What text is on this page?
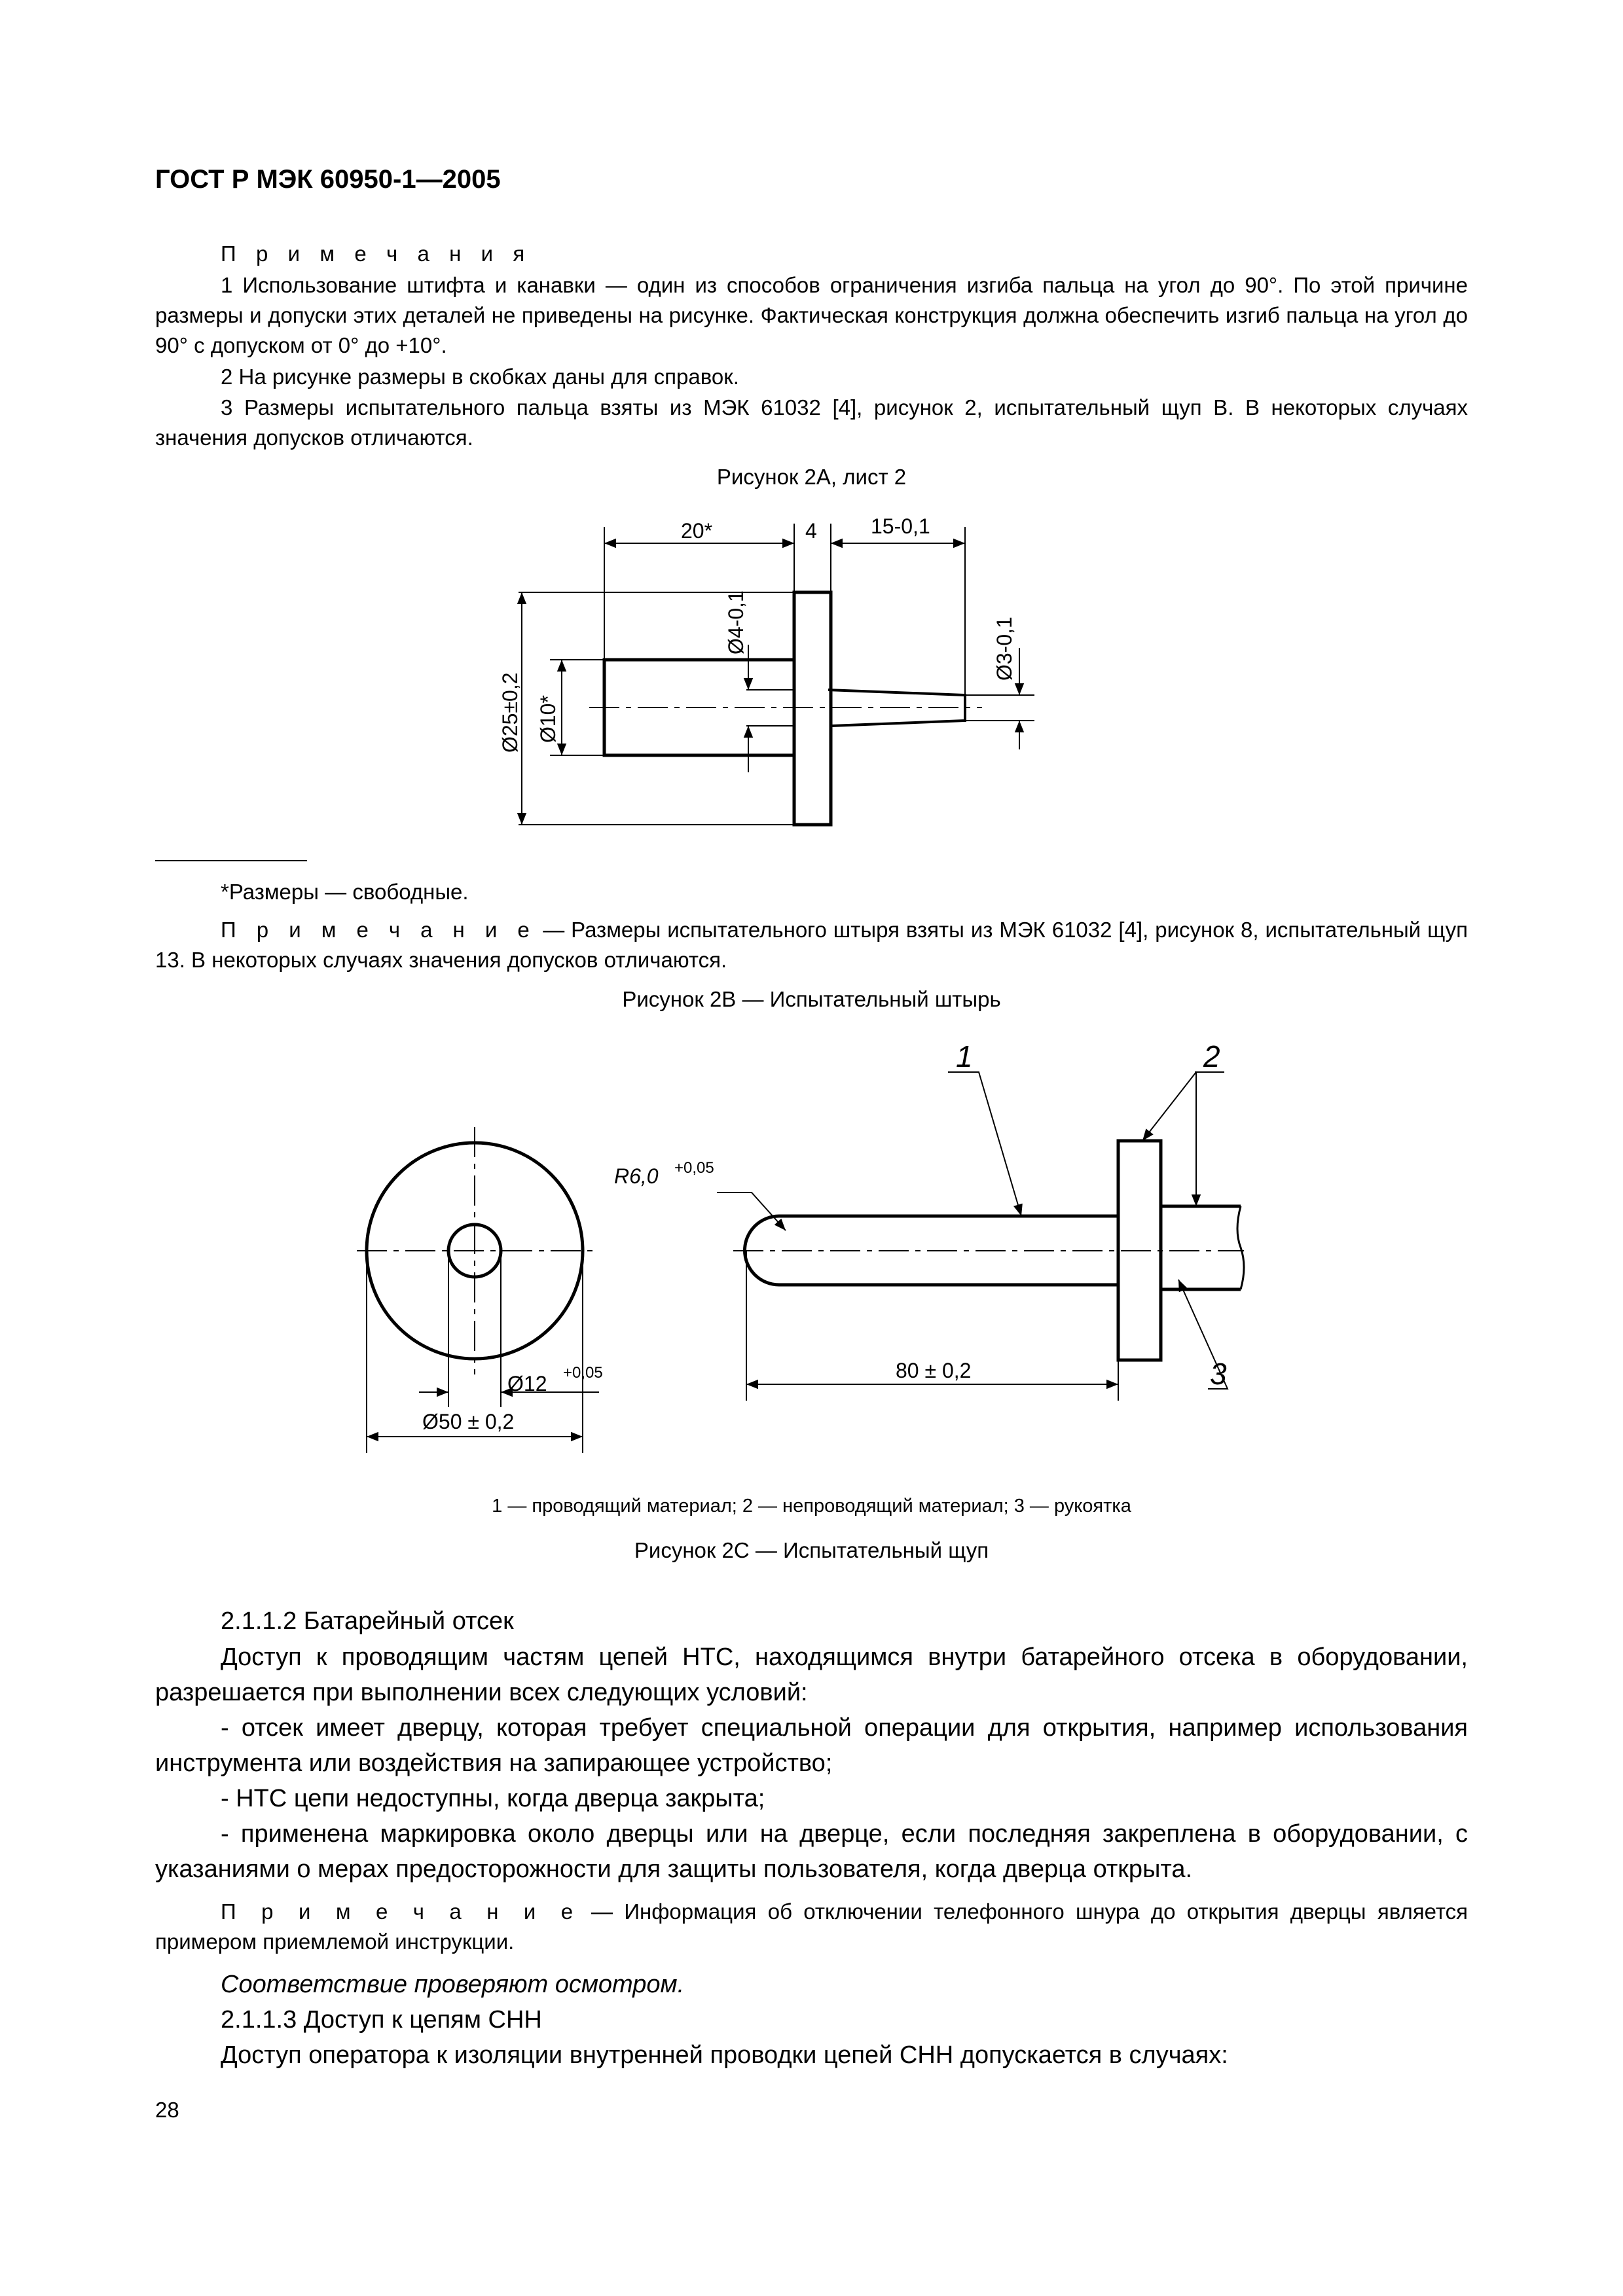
ГОСТ Р МЭК 60950-1—2005
П р и м е ч а н и я
1 Использование штифта и канавки — один из способов ограничения изгиба пальца на угол до 90°. По этой причине размеры и допуски этих деталей не приведены на рисунке. Фактическая конструкция должна обеспечить изгиб пальца на угол до 90° с допуском от 0° до +10°.
2 На рисунке размеры в скобках даны для справок.
3 Размеры испытательного пальца взяты из МЭК 61032 [4], рисунок 2, испытательный щуп В. В некоторых случаях значения допусков отличаются.
Рисунок 2А, лист 2
20*	4	15-0,1
Ø25±0,2 Ø10*
Ø4-0,1	Ø3-0,1
*Размеры — свободные.
П р и м е ч а н и е — Размеры испытательного штыря взяты из МЭК 61032 [4], рисунок 8, испытательный щуп 13. В некоторых случаях значения допусков отличаются.
Рисунок 2В — Испытательный штырь
R6,0 +0,05
Ø12 +0,05
Ø50 ± 0,2
80 ± 0,2
1	2
3
1 — проводящий материал; 2 — непроводящий материал; 3 — рукоятка
Рисунок 2С — Испытательный щуп
2.1.1.2 Батарейный отсек
Доступ к проводящим частям цепей НТС, находящимся внутри батарейного отсека в оборудовании, разрешается при выполнении всех следующих условий:
- отсек имеет дверцу, которая требует специальной операции для открытия, например использования инструмента или воздействия на запирающее устройство;
- НТС цепи недоступны, когда дверца закрыта;
- применена маркировка около дверцы или на дверце, если последняя закреплена в оборудовании, с указаниями о мерах предосторожности для защиты пользователя, когда дверца открыта.
П р и м е ч а н и е — Информация об отключении телефонного шнура до открытия дверцы является примером приемлемой инструкции.
Соответствие проверяют осмотром.
2.1.1.3 Доступ к цепям СНН
Доступ оператора к изоляции внутренней проводки цепей СНН допускается в случаях:
28
